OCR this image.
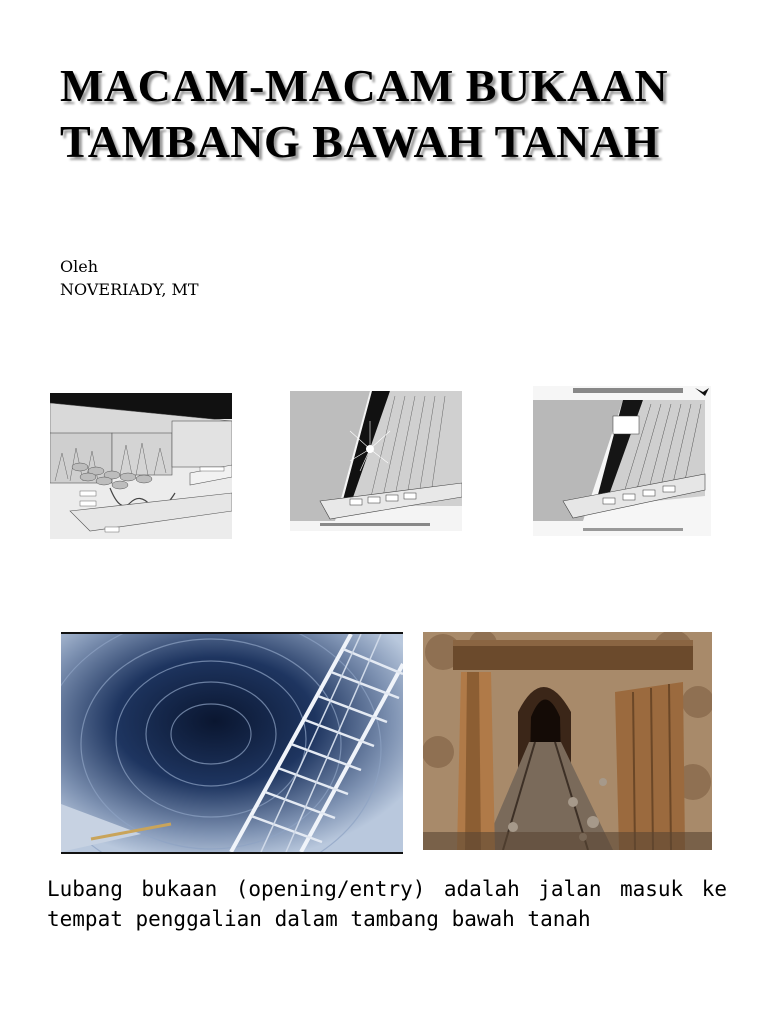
MACAM-MACAM BUKAAN
TAMBANG BAWAH TANAH
Oleh
NOVERIADY, MT
Lubang bukaan (opening/entry) adalah jalan masuk ke tempat penggalian dalam tambang bawah tanah
